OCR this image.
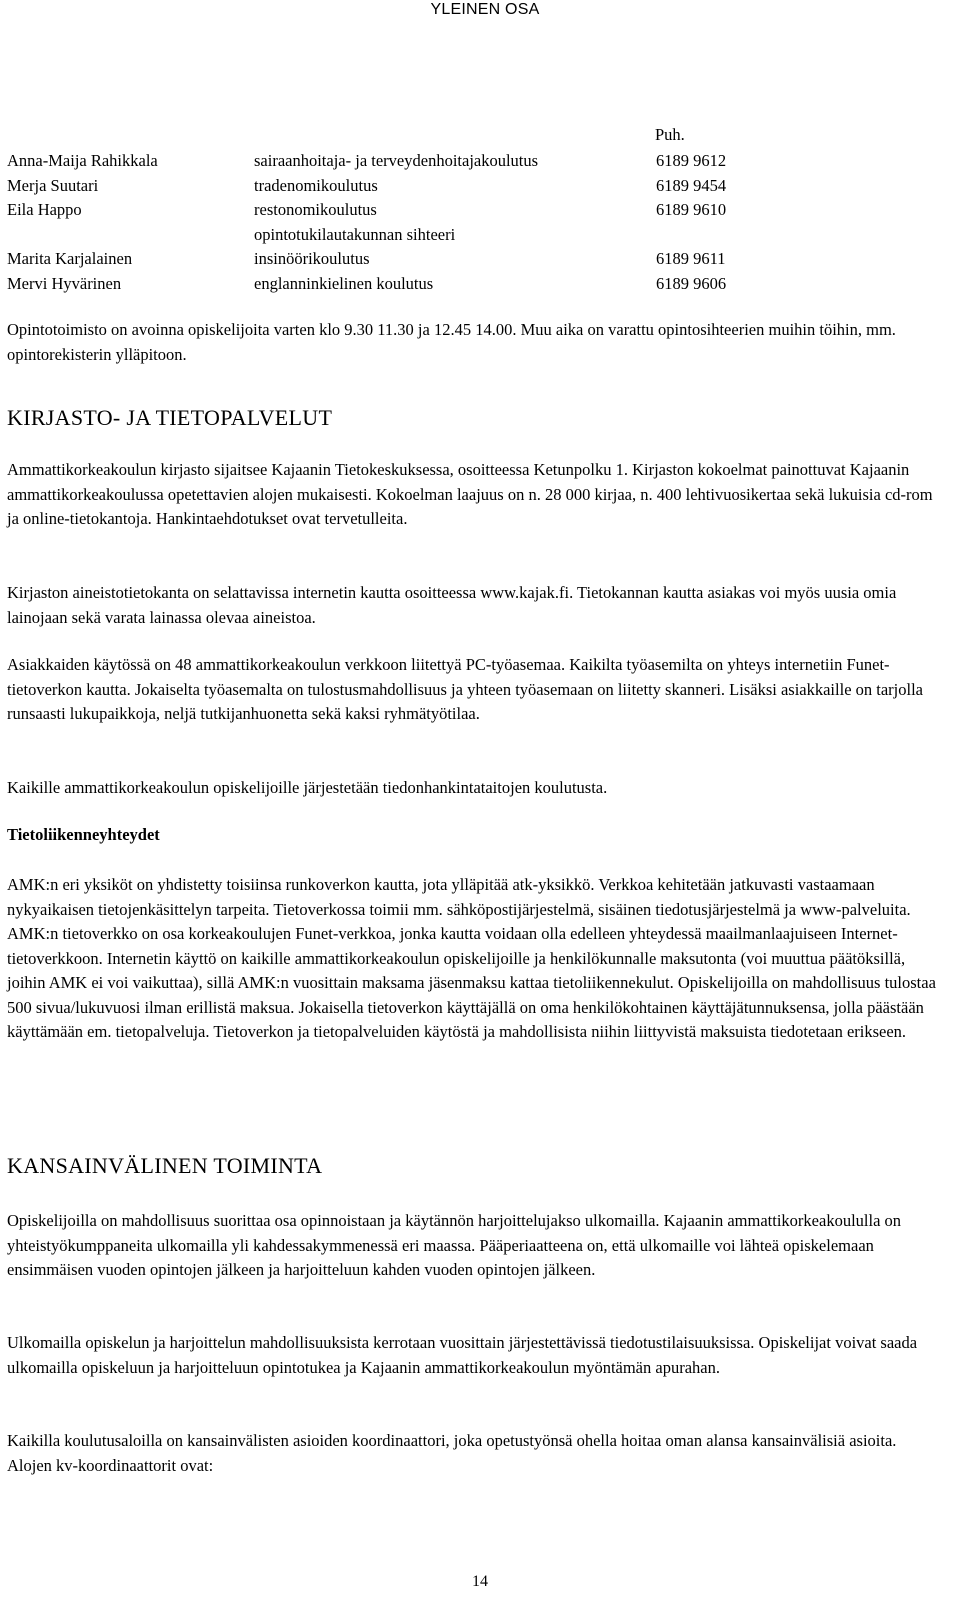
YLEINEN OSA
Puh.
Anna-Maija Rahikkala	sairaanhoitaja- ja terveydenhoitajakoulutus	6189 9612
Merja Suutari	tradenomikoulutus	6189 9454
Eila Happo	restonomikoulutus	6189 9610
opintotukilautakunnan sihteeri
Marita Karjalainen	insinöörikoulutus	6189 9611
Mervi Hyvärinen	englanninkielinen koulutus	6189 9606

Opintotoimisto on avoinna opiskelijoita varten klo 9.30 11.30 ja 12.45 14.00. Muu aika on varattu opintosihteerien muihin töihin, mm. opintorekisterin ylläpitoon.

KIRJASTO- JA TIETOPALVELUT

Ammattikorkeakoulun kirjasto sijaitsee Kajaanin Tietokeskuksessa, osoitteessa Ketunpolku 1. Kirjaston kokoelmat painottuvat Kajaanin ammattikorkeakoulussa opetettavien alojen mukaisesti. Kokoelman laajuus on n. 28 000 kirjaa, n. 400 lehtivuosikertaa sekä lukuisia cd-rom ja online-tietokantoja. Hankintaehdotukset ovat tervetulleita.

Kirjaston aineistotietokanta on selattavissa internetin kautta osoitteessa www.kajak.fi. Tietokannan kautta asiakas voi myös uusia omia lainojaan sekä varata lainassa olevaa aineistoa.

Asiakkaiden käytössä on 48 ammattikorkeakoulun verkkoon liitettyä PC-työasemaa. Kaikilta työasemilta on yhteys internetiin Funet-tietoverkon kautta. Jokaiselta työasemalta on tulostusmahdollisuus ja yhteen työasemaan on liitetty skanneri. Lisäksi asiakkaille on tarjolla runsaasti lukupaikkoja, neljä tutkijanhuonetta sekä kaksi ryhmätyötilaa.

Kaikille ammattikorkeakoulun opiskelijoille järjestetään tiedonhankintataitojen koulutusta.

Tietoliikenneyhteydet

AMK:n eri yksiköt on yhdistetty toisiinsa runkoverkon kautta, jota ylläpitää atk-yksikkö. Verkkoa kehitetään jatkuvasti vastaamaan nykyaikaisen tietojenkäsittelyn tarpeita. Tietoverkossa toimii mm. sähköpostijärjestelmä, sisäinen tiedotusjärjestelmä ja www-palveluita. AMK:n tietoverkko on osa korkeakoulujen Funet-verkkoa, jonka kautta voidaan olla edelleen yhteydessä maailmanlaajuiseen Internet-tietoverkkoon. Internetin käyttö on kaikille ammattikorkeakoulun opiskelijoille ja henkilökunnalle maksutonta (voi muuttua päätöksillä, joihin AMK ei voi vaikuttaa), sillä AMK:n vuosittain maksama jäsenmaksu kattaa tietoliikennekulut. Opiskelijoilla on mahdollisuus tulostaa 500 sivua/lukuvuosi ilman erillistä maksua. Jokaisella tietoverkon käyttäjällä on oma henkilökohtainen käyttäjätunnuksensa, jolla päästään käyttämään em. tietopalveluja. Tietoverkon ja tietopalveluiden käytöstä ja mahdollisista niihin liittyvistä maksuista tiedotetaan erikseen.

KANSAINVÄLINEN TOIMINTA

Opiskelijoilla on mahdollisuus suorittaa osa opinnoistaan ja käytännön harjoittelujakso ulkomailla. Kajaanin ammattikorkeakoululla on yhteistyökumppaneita ulkomailla yli kahdessakymmenessä eri maassa. Pääperiaatteena on, että ulkomaille voi lähteä opiskelemaan ensimmäisen vuoden opintojen jälkeen ja harjoitteluun kahden vuoden opintojen jälkeen.

Ulkomailla opiskelun ja harjoittelun mahdollisuuksista kerrotaan vuosittain järjestettävissä tiedotustilaisuuksissa. Opiskelijat voivat saada ulkomailla opiskeluun ja harjoitteluun opintotukea ja Kajaanin ammattikorkeakoulun myöntämän apurahan.

Kaikilla koulutusaloilla on kansainvälisten asioiden koordinaattori, joka opetustyönsä ohella hoitaa oman alansa kansainvälisiä asioita. Alojen kv-koordinaattorit ovat:

14
